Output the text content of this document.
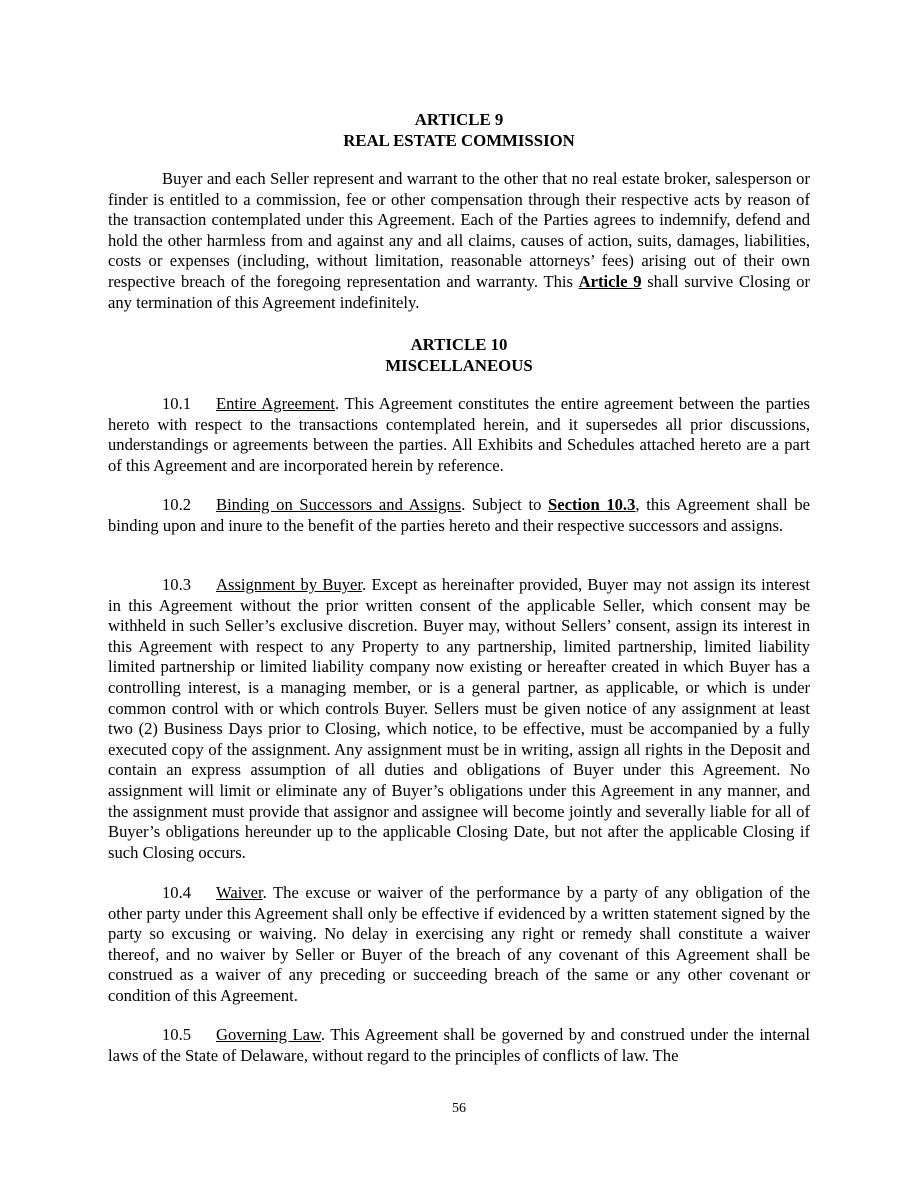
ARTICLE 9
REAL ESTATE COMMISSION
Buyer and each Seller represent and warrant to the other that no real estate broker, salesperson or finder is entitled to a commission, fee or other compensation through their respective acts by reason of the transaction contemplated under this Agreement. Each of the Parties agrees to indemnify, defend and hold the other harmless from and against any and all claims, causes of action, suits, damages, liabilities, costs or expenses (including, without limitation, reasonable attorneys’ fees) arising out of their own respective breach of the foregoing representation and warranty. This Article 9 shall survive Closing or any termination of this Agreement indefinitely.
ARTICLE 10
MISCELLANEOUS
10.1 Entire Agreement. This Agreement constitutes the entire agreement between the parties hereto with respect to the transactions contemplated herein, and it supersedes all prior discussions, understandings or agreements between the parties. All Exhibits and Schedules attached hereto are a part of this Agreement and are incorporated herein by reference.
10.2 Binding on Successors and Assigns. Subject to Section 10.3, this Agreement shall be binding upon and inure to the benefit of the parties hereto and their respective successors and assigns.
10.3 Assignment by Buyer. Except as hereinafter provided, Buyer may not assign its interest in this Agreement without the prior written consent of the applicable Seller, which consent may be withheld in such Seller’s exclusive discretion. Buyer may, without Sellers’ consent, assign its interest in this Agreement with respect to any Property to any partnership, limited partnership, limited liability limited partnership or limited liability company now existing or hereafter created in which Buyer has a controlling interest, is a managing member, or is a general partner, as applicable, or which is under common control with or which controls Buyer. Sellers must be given notice of any assignment at least two (2) Business Days prior to Closing, which notice, to be effective, must be accompanied by a fully executed copy of the assignment. Any assignment must be in writing, assign all rights in the Deposit and contain an express assumption of all duties and obligations of Buyer under this Agreement. No assignment will limit or eliminate any of Buyer’s obligations under this Agreement in any manner, and the assignment must provide that assignor and assignee will become jointly and severally liable for all of Buyer’s obligations hereunder up to the applicable Closing Date, but not after the applicable Closing if such Closing occurs.
10.4 Waiver. The excuse or waiver of the performance by a party of any obligation of the other party under this Agreement shall only be effective if evidenced by a written statement signed by the party so excusing or waiving. No delay in exercising any right or remedy shall constitute a waiver thereof, and no waiver by Seller or Buyer of the breach of any covenant of this Agreement shall be construed as a waiver of any preceding or succeeding breach of the same or any other covenant or condition of this Agreement.
10.5 Governing Law. This Agreement shall be governed by and construed under the internal laws of the State of Delaware, without regard to the principles of conflicts of law. The
56
